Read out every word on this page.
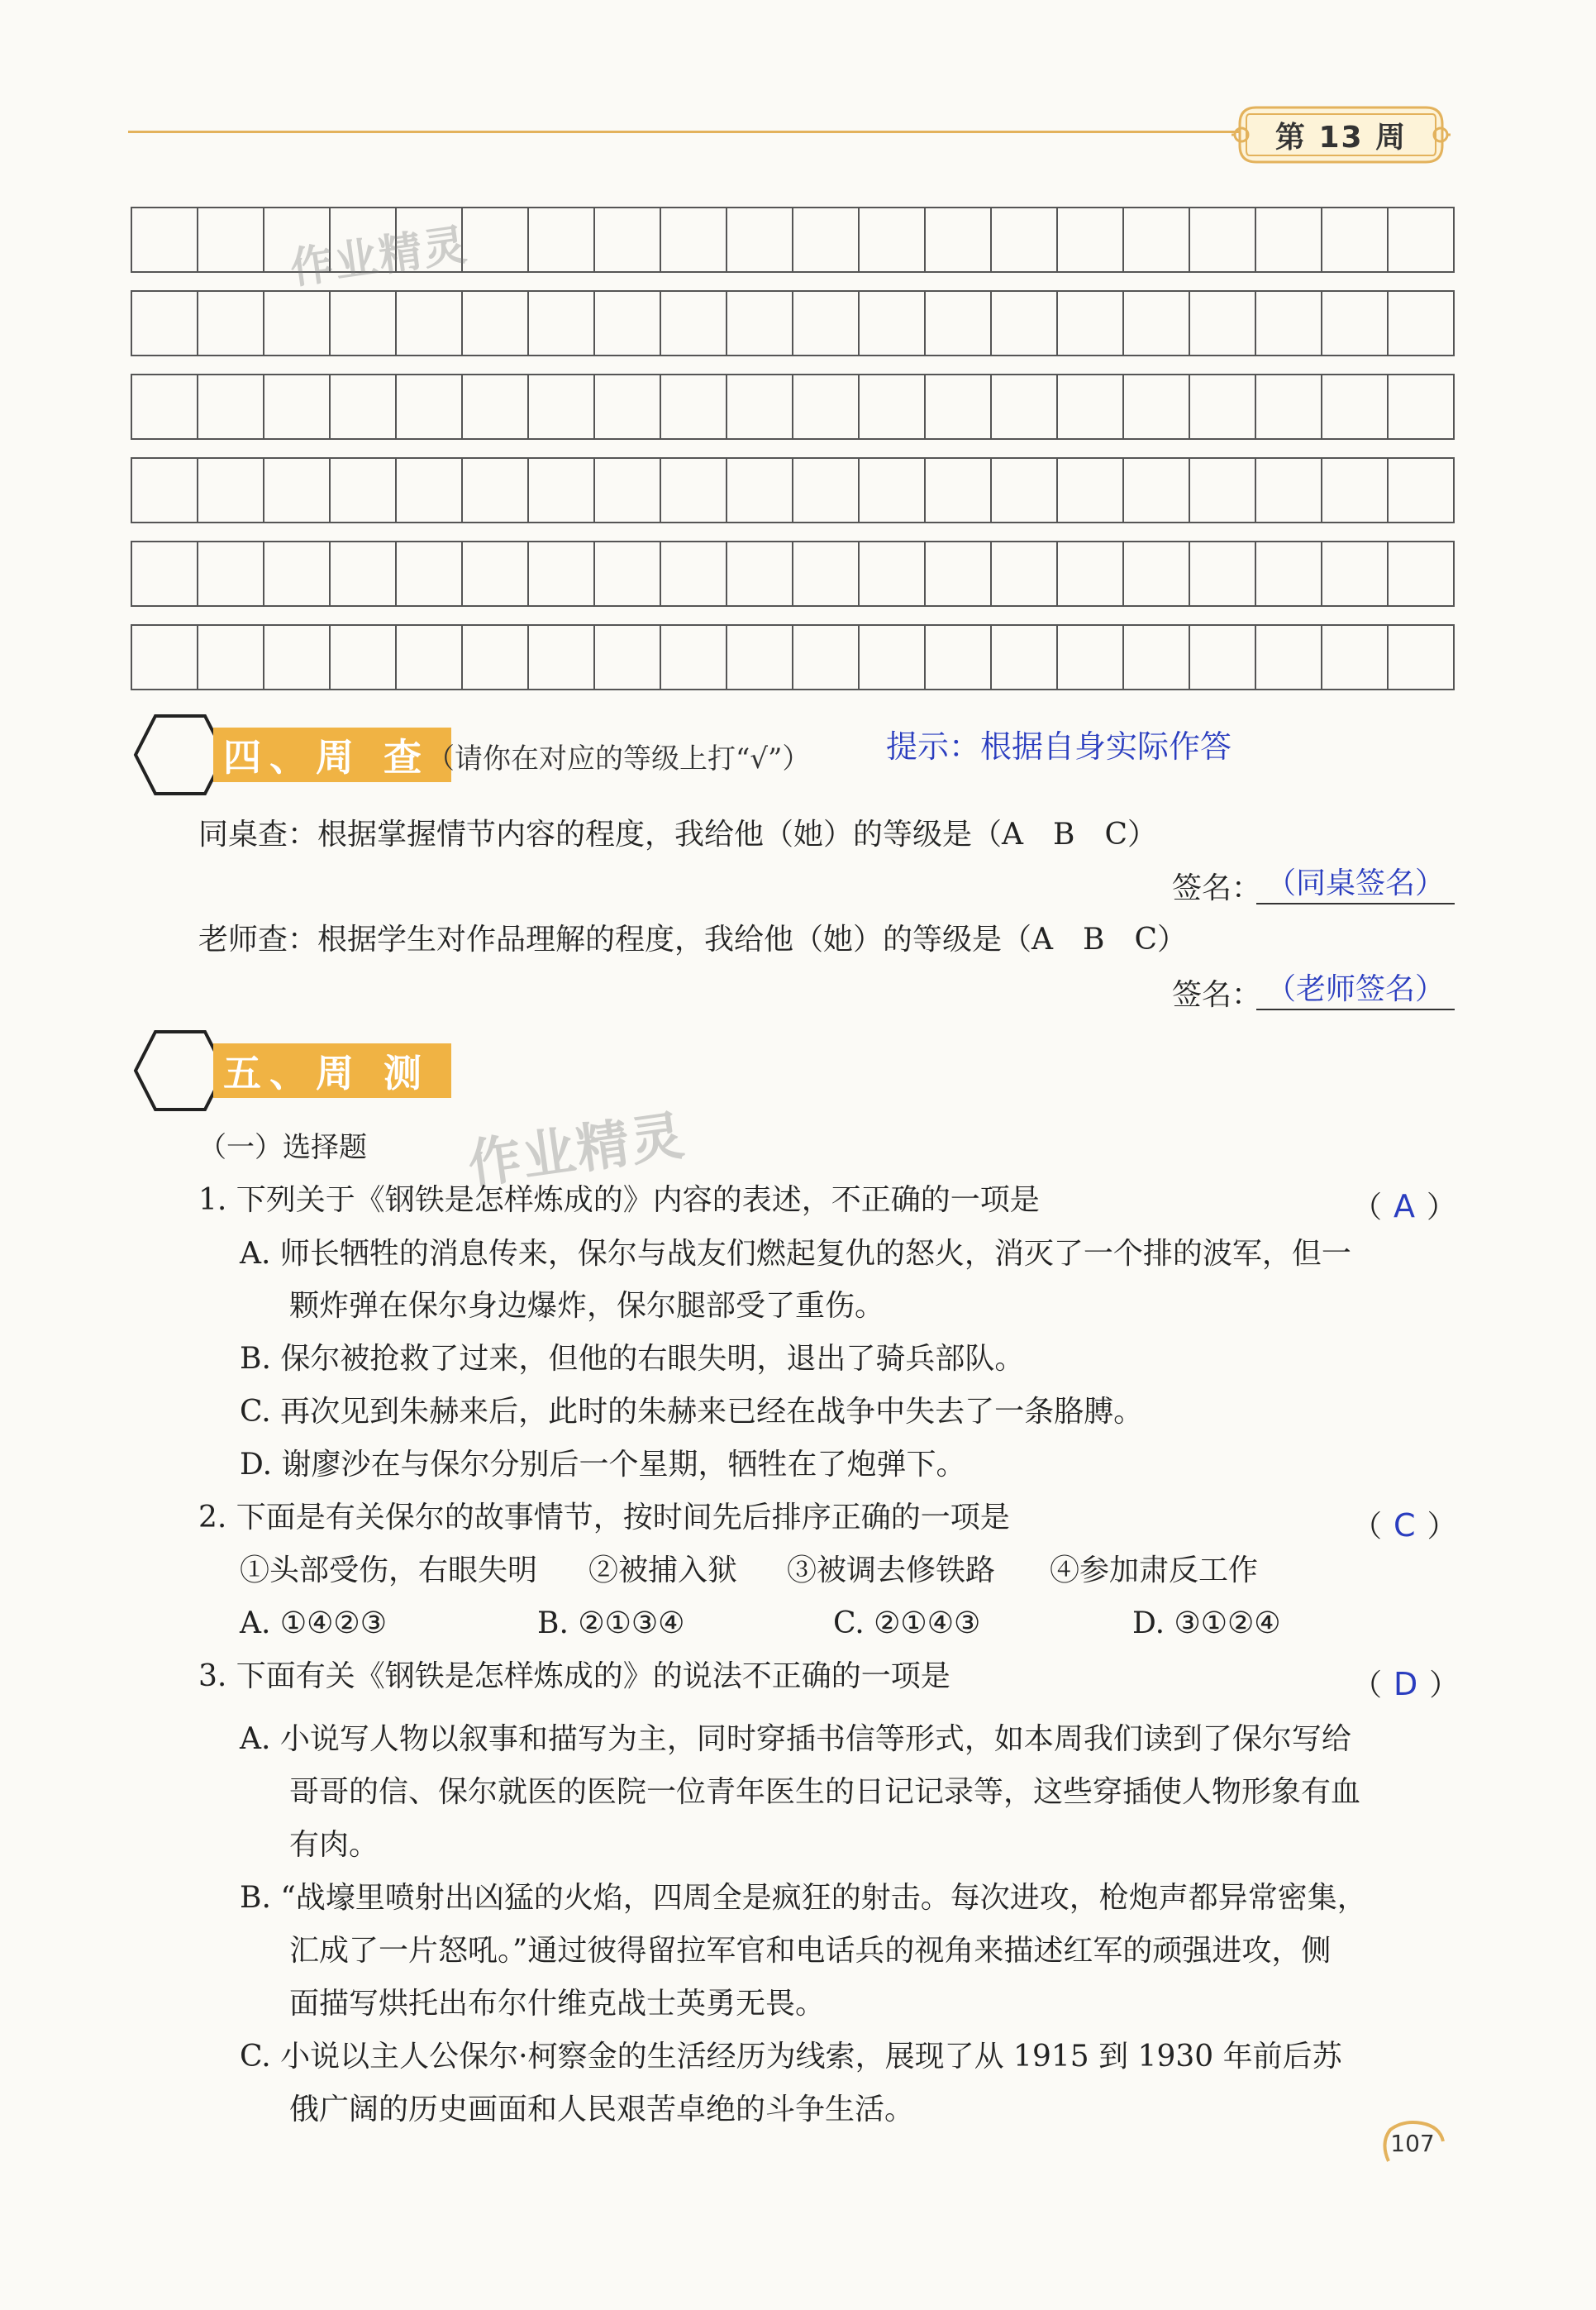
第 13 周
作业精灵
四、周 查
（请你在对应的等级上打“√”） 提示：根据自身实际作答
同桌查：根据掌握情节内容的程度，我给他（她）的等级是（A　B　C）
签名： （同桌签名）
老师查：根据学生对作品理解的程度，我给他（她）的等级是（A　B　C）
签名： （老师签名）
五、周 测
作业精灵
（一）选择题
1. 下列关于《钢铁是怎样炼成的》内容的表述，不正确的一项是	（ A ）
A. 师长牺牲的消息传来，保尔与战友们燃起复仇的怒火，消灭了一个排的波军，但一
颗炸弹在保尔身边爆炸，保尔腿部受了重伤。
B. 保尔被抢救了过来，但他的右眼失明，退出了骑兵部队。
C. 再次见到朱赫来后，此时的朱赫来已经在战争中失去了一条胳膊。
D. 谢廖沙在与保尔分别后一个星期，牺牲在了炮弹下。
2. 下面是有关保尔的故事情节，按时间先后排序正确的一项是	（ C ）
①头部受伤，右眼失明 ②被捕入狱 ③被调去修铁路 ④参加肃反工作
A. ①④②③	B. ②①③④	C. ②①④③	D. ③①②④
3. 下面有关《钢铁是怎样炼成的》的说法不正确的一项是	（ D ）
A. 小说写人物以叙事和描写为主，同时穿插书信等形式，如本周我们读到了保尔写给
哥哥的信、保尔就医的医院一位青年医生的日记记录等，这些穿插使人物形象有血
有肉。
B. “战壕里喷射出凶猛的火焰，四周全是疯狂的射击。每次进攻，枪炮声都异常密集，
汇成了一片怒吼。”通过彼得留拉军官和电话兵的视角来描述红军的顽强进攻，侧
面描写烘托出布尔什维克战士英勇无畏。
C. 小说以主人公保尔·柯察金的生活经历为线索，展现了从 1915 到 1930 年前后苏
俄广阔的历史画面和人民艰苦卓绝的斗争生活。
107
